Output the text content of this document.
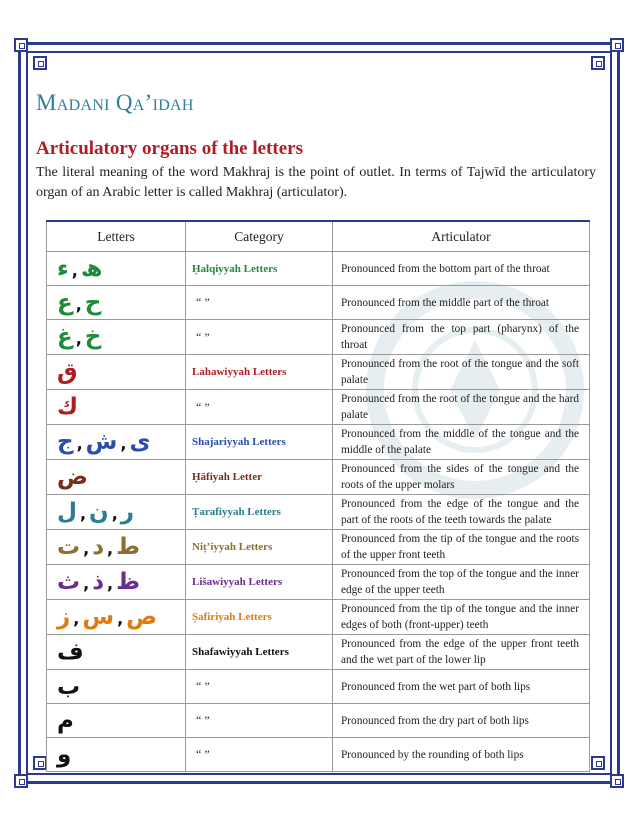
Madani Qa’idah
Articulatory organs of the letters
The literal meaning of the word Makhraj is the point of outlet. In terms of Tajwīd the articulatory organ of an Arabic letter is called Makhraj (articulator).
Letters	Category	Articulator
ھ,ء	Ḥalqiyyah Letters	Pronounced from the bottom part of the throat
ح,ع	“ ”	Pronounced from the middle part of the throat
خ,غ	“ ”	Pronounced from the top part (pharynx) of the throat
ق	Lahawiyyah Letters	Pronounced from the root of the tongue and the soft palate
ك	“ ”	Pronounced from the root of the tongue and the hard palate
ی,ش,ج	Shajariyyah Letters	Pronounced from the middle of the tongue and the middle of the palate
ض	Ḥāfiyah Letter	Pronounced from the sides of the tongue and the roots of the upper molars
ر,ن,ل	Ṭarafiyyah Letters	Pronounced from the edge of the tongue and the part of the roots of the teeth towards the palate
ط,د,ت	Niṭ’iyyah Letters	Pronounced from the tip of the tongue and the roots of the upper front teeth
ظ,ذ,ث	Lišawiyyah Letters	Pronounced from the top of the tongue and the inner edge of the upper teeth
ص,س,ز	Ṣafiriyah Letters	Pronounced from the tip of the tongue and the inner edges of both (front-upper) teeth
ف	Shafawiyyah Letters	Pronounced from the edge of the upper front teeth and the wet part of the lower lip
ب	“ ”	Pronounced from the wet part of both lips
م	“ ”	Pronounced from the dry part of both lips
و	“ ”	Pronounced by the rounding of both lips
